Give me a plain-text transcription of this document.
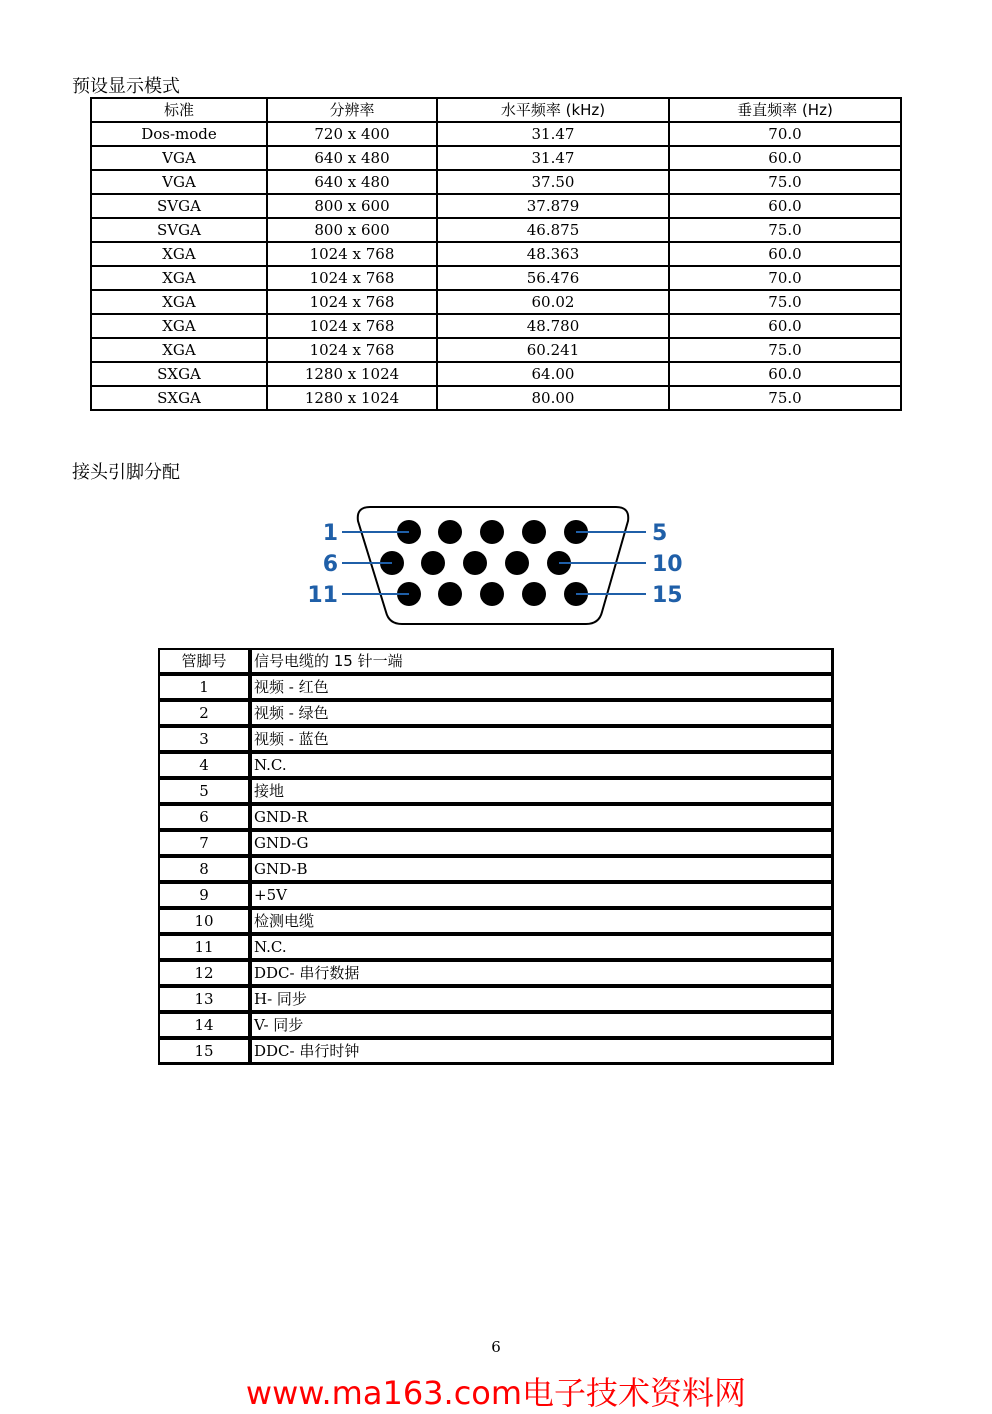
预设显示模式
标准	分辨率	水平频率 (kHz)	垂直频率 (Hz)
Dos-mode	720 x 400	31.47	70.0
VGA	640 x 480	31.47	60.0
VGA	640 x 480	37.50	75.0
SVGA	800 x 600	37.879	60.0
SVGA	800 x 600	46.875	75.0
XGA	1024 x 768	48.363	60.0
XGA	1024 x 768	56.476	70.0
XGA	1024 x 768	60.02	75.0
XGA	1024 x 768	48.780	60.0
XGA	1024 x 768	60.241	75.0
SXGA	1280 x 1024	64.00	60.0
SXGA	1280 x 1024	80.00	75.0
接头引脚分配
1	5
6	10
11	15
管脚号	信号电缆的 15 针一端
1	视频 - 红色
2	视频 - 绿色
3	视频 - 蓝色
4	N.C.
5	接地
6	GND-R
7	GND-G
8	GND-B
9	+5V
10	检测电缆
11	N.C.
12	DDC- 串行数据
13	H- 同步
14	V- 同步
15	DDC- 串行时钟
6
www.ma163.com电子技术资料网
